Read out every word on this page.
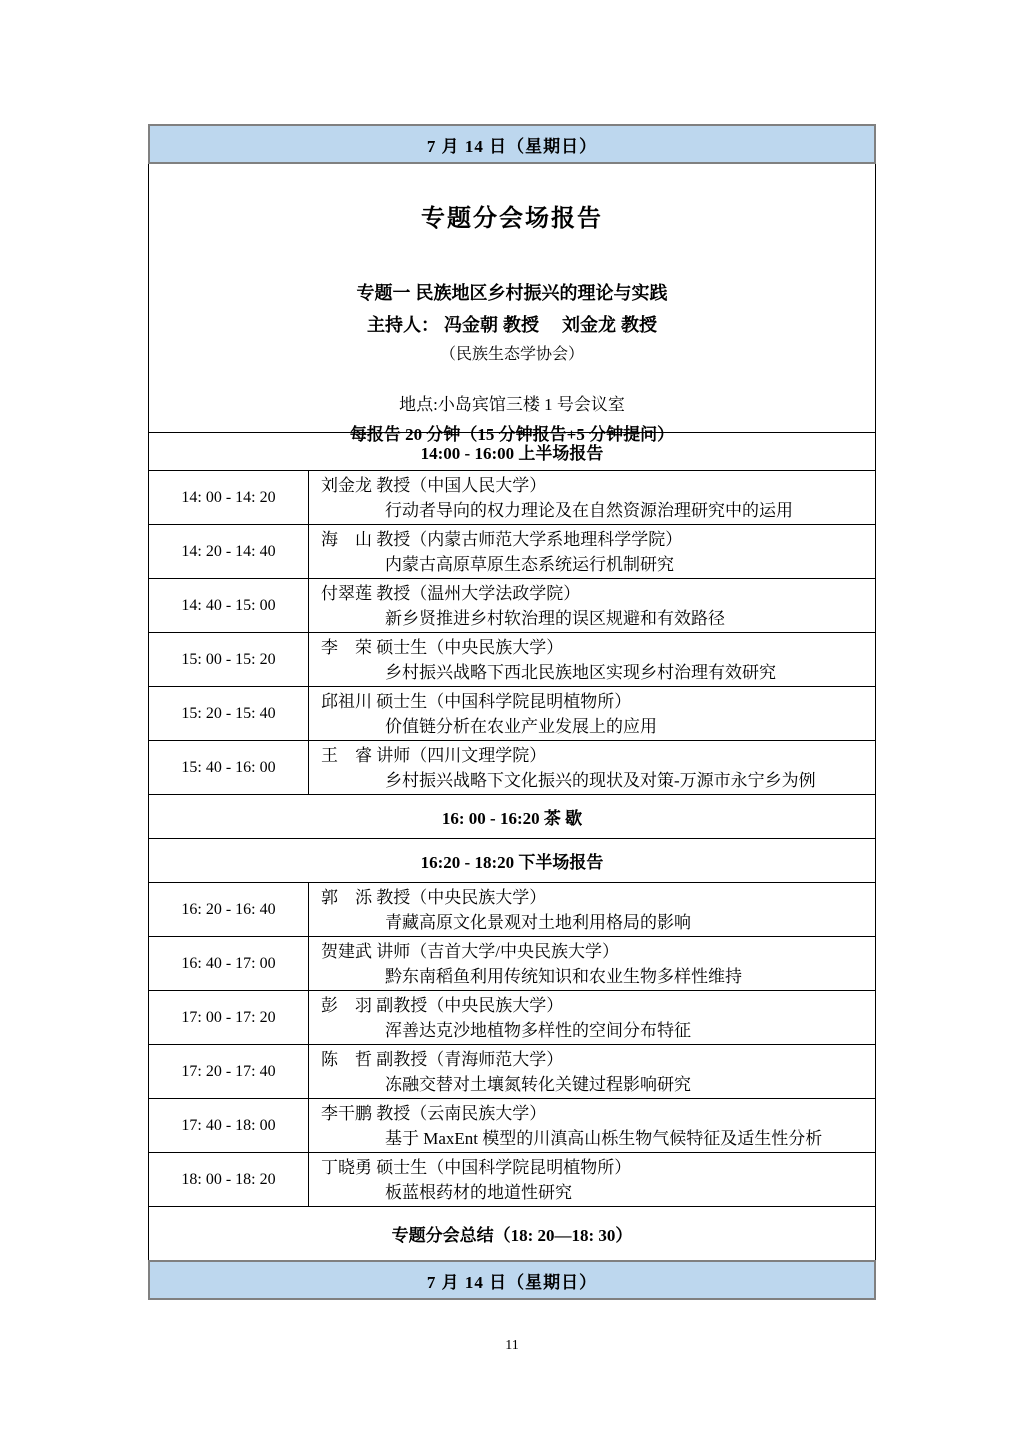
7 月 14 日（星期日）
专题分会场报告
专题一 民族地区乡村振兴的理论与实践
主持人： 冯金朝 教授　 刘金龙 教授
（民族生态学协会）
地点:小岛宾馆三楼 1 号会议室
每报告 20 分钟（15 分钟报告+5 分钟提问）
14:00 - 16:00 上半场报告
14: 00 - 14: 20
刘金龙 教授（中国人民大学）
行动者导向的权力理论及在自然资源治理研究中的运用
14: 20 - 14: 40
海　山 教授（内蒙古师范大学系地理科学学院）
内蒙古高原草原生态系统运行机制研究
14: 40 - 15: 00
付翠莲 教授（温州大学法政学院）
新乡贤推进乡村软治理的误区规避和有效路径
15: 00 - 15: 20
李　荣 硕士生（中央民族大学）
乡村振兴战略下西北民族地区实现乡村治理有效研究
15: 20 - 15: 40
邱祖川 硕士生（中国科学院昆明植物所）
价值链分析在农业产业发展上的应用
15: 40 - 16: 00
王　睿 讲师（四川文理学院）
乡村振兴战略下文化振兴的现状及对策-万源市永宁乡为例
16: 00 - 16:20 茶 歇
16:20 - 18:20 下半场报告
16: 20 - 16: 40
郭　泺 教授（中央民族大学）
青藏高原文化景观对土地利用格局的影响
16: 40 - 17: 00
贺建武 讲师（吉首大学/中央民族大学）
黔东南稻鱼利用传统知识和农业生物多样性维持
17: 00 - 17: 20
彭　羽 副教授（中央民族大学）
浑善达克沙地植物多样性的空间分布特征
17: 20 - 17: 40
陈　哲 副教授（青海师范大学）
冻融交替对土壤氮转化关键过程影响研究
17: 40 - 18: 00
李干鹏 教授（云南民族大学）
基于 MaxEnt 模型的川滇高山栎生物气候特征及适生性分析
18: 00 - 18: 20
丁晓勇 硕士生（中国科学院昆明植物所）
板蓝根药材的地道性研究
专题分会总结（18: 20—18: 30）
7 月 14 日（星期日）
11
